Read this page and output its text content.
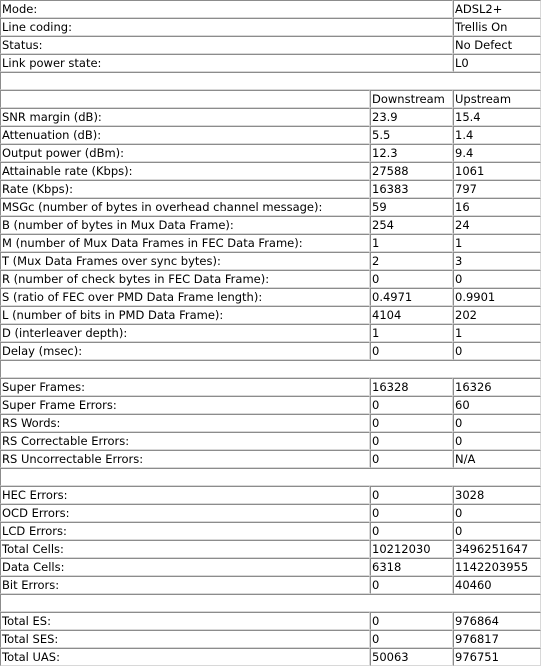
Mode:		ADSL2+
Line coding:		Trellis On
Status:		No Defect
Link power state:		L0

	Downstream	Upstream
SNR margin (dB):	23.9	15.4
Attenuation (dB):	5.5	1.4
Output power (dBm):	12.3	9.4
Attainable rate (Kbps):	27588	1061
Rate (Kbps):	16383	797
MSGc (number of bytes in overhead channel message):	59	16
B (number of bytes in Mux Data Frame):	254	24
M (number of Mux Data Frames in FEC Data Frame):	1	1
T (Mux Data Frames over sync bytes):	2	3
R (number of check bytes in FEC Data Frame):	0	0
S (ratio of FEC over PMD Data Frame length):	0.4971	0.9901
L (number of bits in PMD Data Frame):	4104	202
D (interleaver depth):	1	1
Delay (msec):	0	0

Super Frames:	16328	16326
Super Frame Errors:	0	60
RS Words:	0	0
RS Correctable Errors:	0	0
RS Uncorrectable Errors:	0	N/A

HEC Errors:	0	3028
OCD Errors:	0	0
LCD Errors:	0	0
Total Cells:	10212030	3496251647
Data Cells:	6318	1142203955
Bit Errors:	0	40460

Total ES:	0	976864
Total SES:	0	976817
Total UAS:	50063	976751
